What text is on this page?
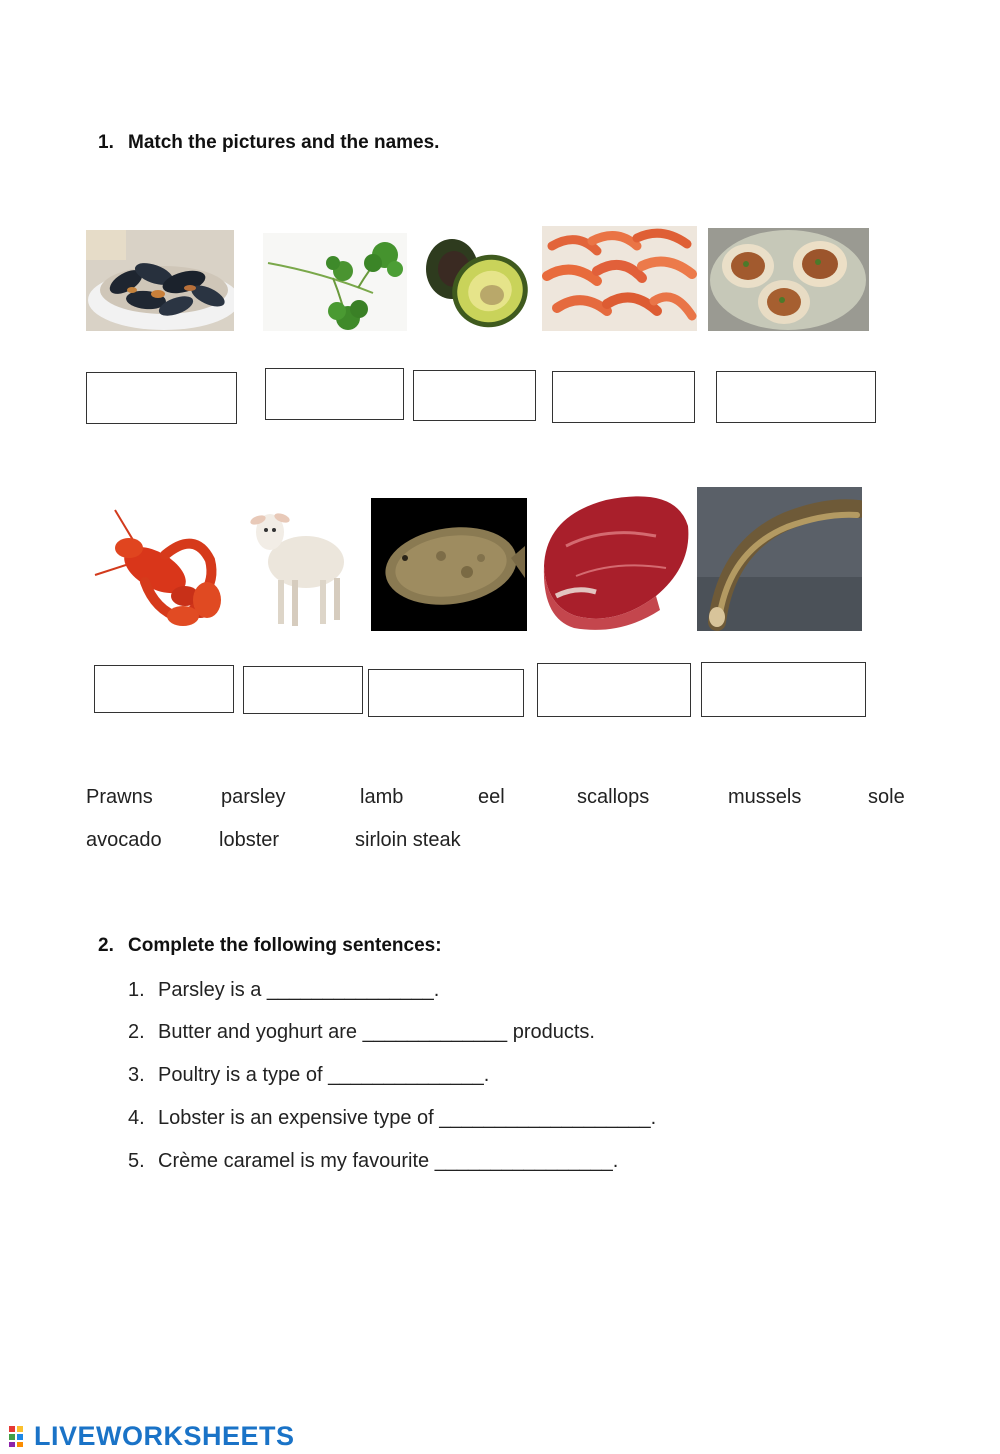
1. Match the pictures and the names.
Prawns	parsley	lamb	eel	scallops	mussels	sole
avocado	lobster	sirloin steak
2. Complete the following sentences:
1. Parsley is a _______________.
2. Butter and yoghurt are _____________ products.
3. Poultry is a type of ______________.
4. Lobster is an expensive type of ___________________.
5. Crème caramel is my favourite ________________.
LIVEWORKSHEETS
